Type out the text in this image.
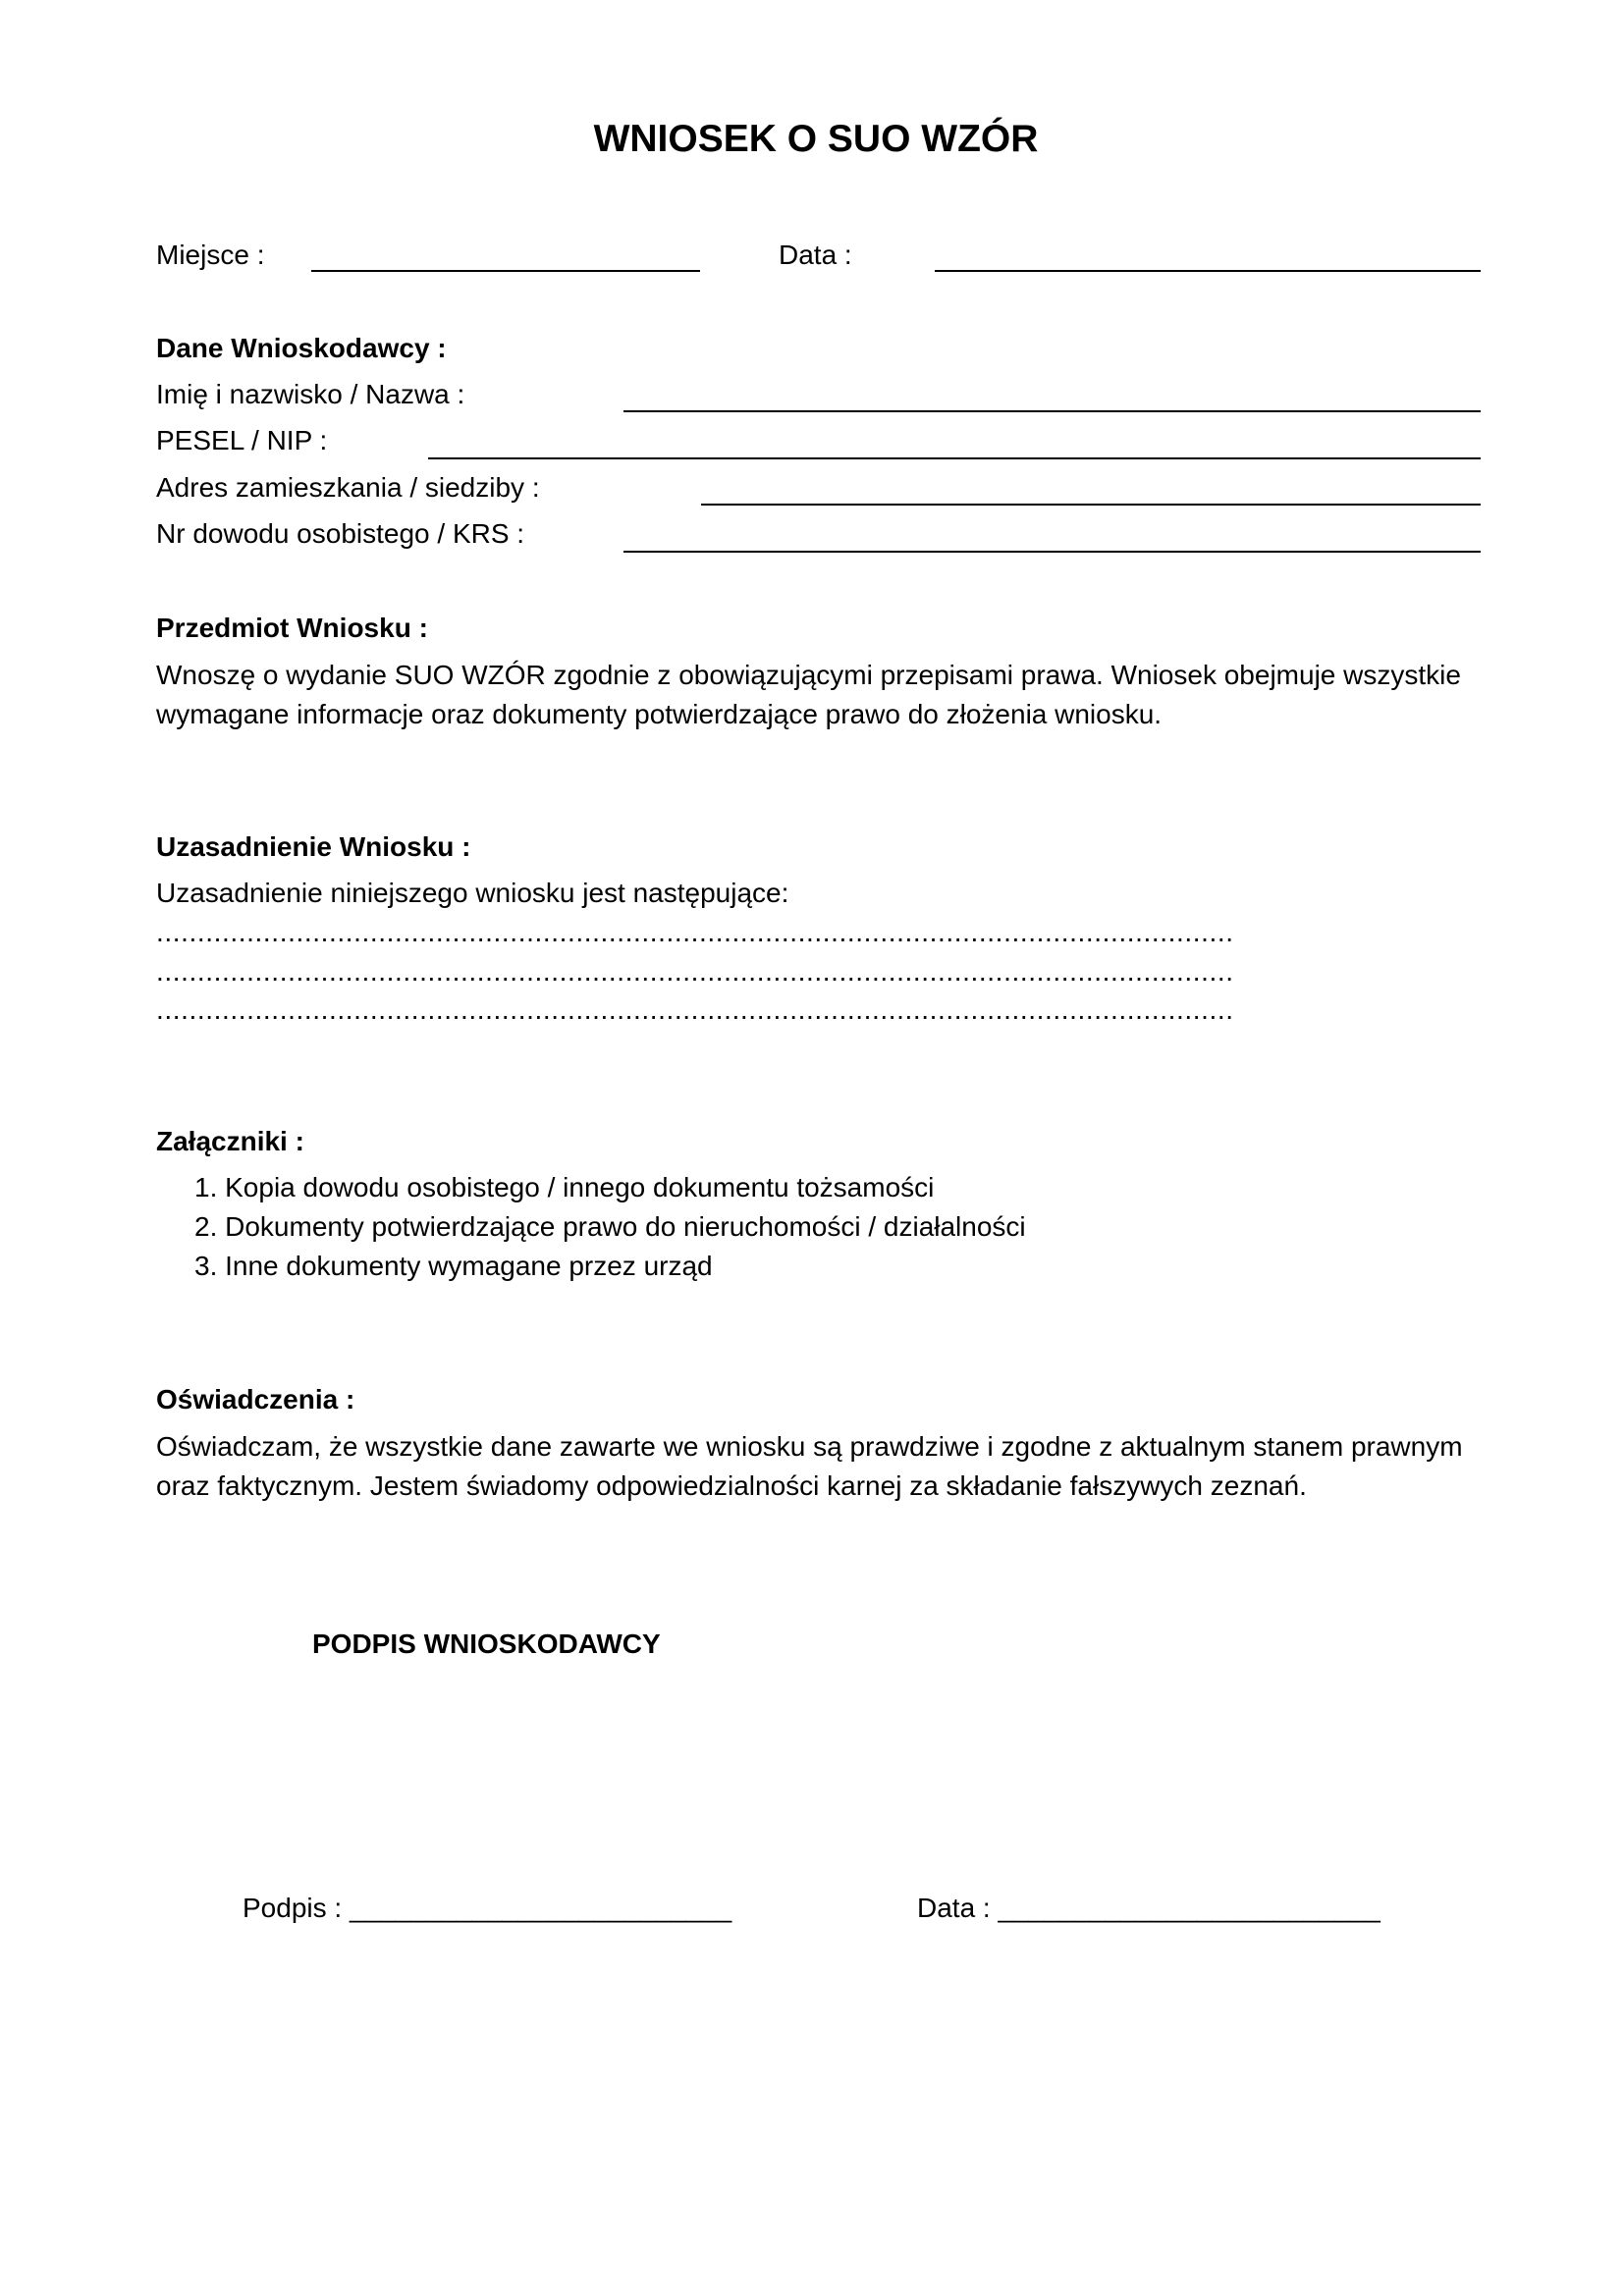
WNIOSEK O SUO WZÓR
Miejsce :	Data :
Dane Wnioskodawcy :
Imię i nazwisko / Nazwa :
PESEL / NIP :
Adres zamieszkania / siedziby :
Nr dowodu osobistego / KRS :
Przedmiot Wniosku :
Wnoszę o wydanie SUO WZÓR zgodnie z obowiązującymi przepisami prawa. Wniosek obejmuje wszystkie wymagane informacje oraz dokumenty potwierdzające prawo do złożenia wniosku.
Uzasadnienie Wniosku :
Uzasadnienie niniejszego wniosku jest następujące:
...................................................................................................................................
...................................................................................................................................
...................................................................................................................................
Załączniki :
1. Kopia dowodu osobistego / innego dokumentu tożsamości
2. Dokumenty potwierdzające prawo do nieruchomości / działalności
3. Inne dokumenty wymagane przez urząd
Oświadczenia :
Oświadczam, że wszystkie dane zawarte we wniosku są prawdziwe i zgodne z aktualnym stanem prawnym oraz faktycznym. Jestem świadomy odpowiedzialności karnej za składanie fałszywych zeznań.
PODPIS WNIOSKODAWCY
Podpis : _________________________	Data : _________________________
